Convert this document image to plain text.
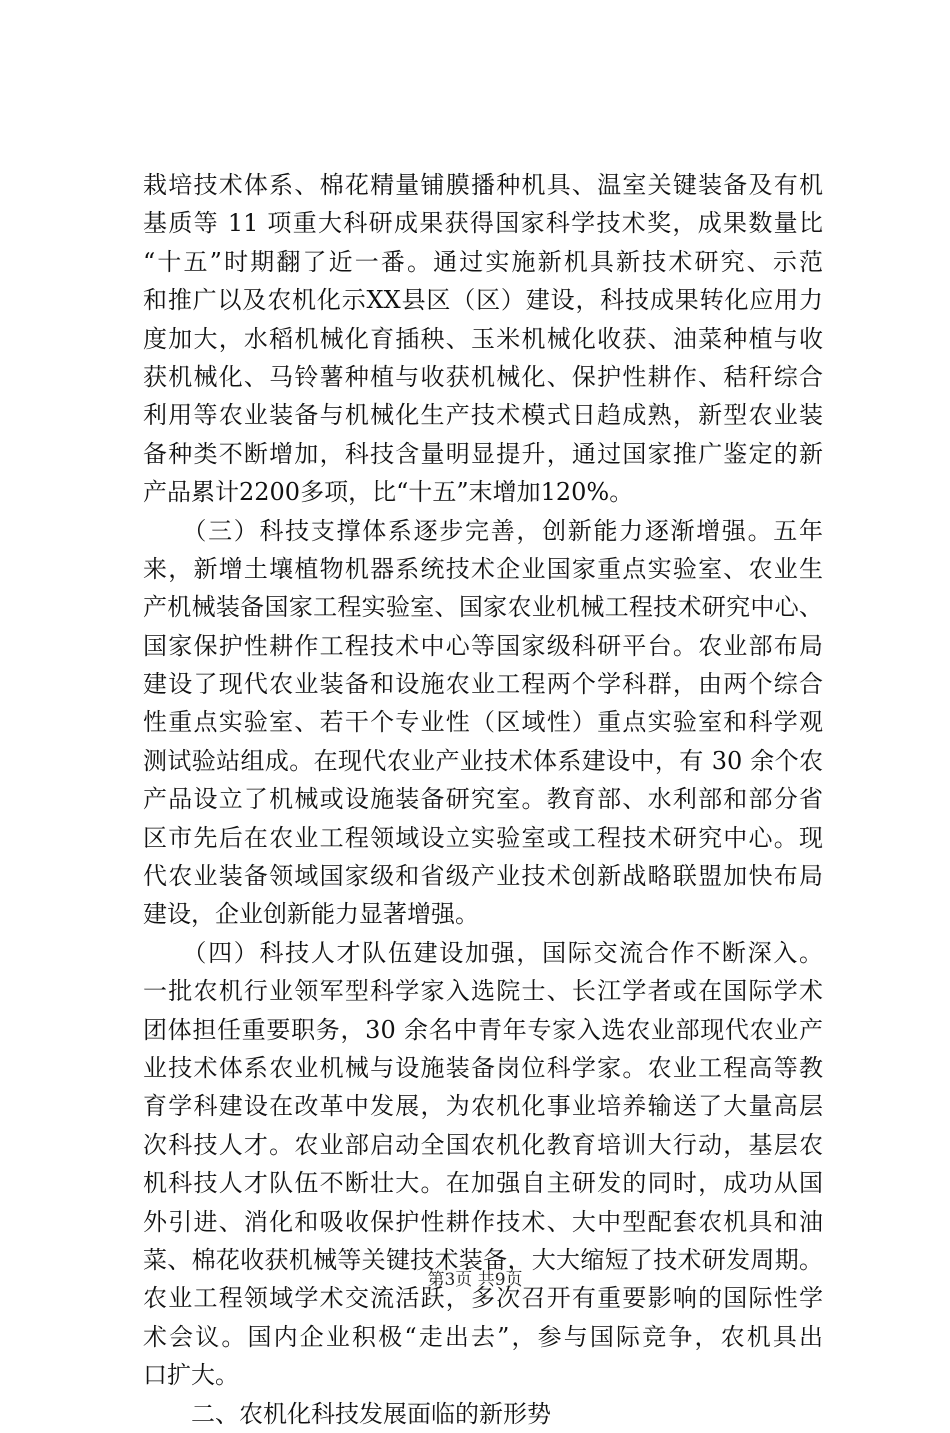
栽培技术体系、棉花精量铺膜播种机具、温室关键装备及有机
基质等 11 项重大科研成果获得国家科学技术奖，成果数量比
“十五”时期翻了近一番。通过实施新机具新技术研究、示范
和推广以及农机化示XX县区（区）建设，科技成果转化应用力
度加大，水稻机械化育插秧、玉米机械化收获、油菜种植与收
获机械化、马铃薯种植与收获机械化、保护性耕作、秸秆综合
利用等农业装备与机械化生产技术模式日趋成熟，新型农业装
备种类不断增加，科技含量明显提升，通过国家推广鉴定的新
产品累计2200多项，比“十五”末增加120%。
　　（三）科技支撑体系逐步完善，创新能力逐渐增强。五年
来，新增土壤植物机器系统技术企业国家重点实验室、农业生
产机械装备国家工程实验室、国家农业机械工程技术研究中心、
国家保护性耕作工程技术中心等国家级科研平台。农业部布局
建设了现代农业装备和设施农业工程两个学科群，由两个综合
性重点实验室、若干个专业性（区域性）重点实验室和科学观
测试验站组成。在现代农业产业技术体系建设中，有 30 余个农
产品设立了机械或设施装备研究室。教育部、水利部和部分省
区市先后在农业工程领域设立实验室或工程技术研究中心。现
代农业装备领域国家级和省级产业技术创新战略联盟加快布局
建设，企业创新能力显著增强。
　　（四）科技人才队伍建设加强，国际交流合作不断深入。
一批农机行业领军型科学家入选院士、长江学者或在国际学术
团体担任重要职务，30 余名中青年专家入选农业部现代农业产
业技术体系农业机械与设施装备岗位科学家。农业工程高等教
育学科建设在改革中发展，为农机化事业培养输送了大量高层
次科技人才。农业部启动全国农机化教育培训大行动，基层农
机科技人才队伍不断壮大。在加强自主研发的同时，成功从国
外引进、消化和吸收保护性耕作技术、大中型配套农机具和油
菜、棉花收获机械等关键技术装备，大大缩短了技术研发周期。
农业工程领域学术交流活跃，多次召开有重要影响的国际性学
术会议。国内企业积极“走出去”，参与国际竞争，农机具出
口扩大。
　　二、农机化科技发展面临的新形势
第3页 共9页
